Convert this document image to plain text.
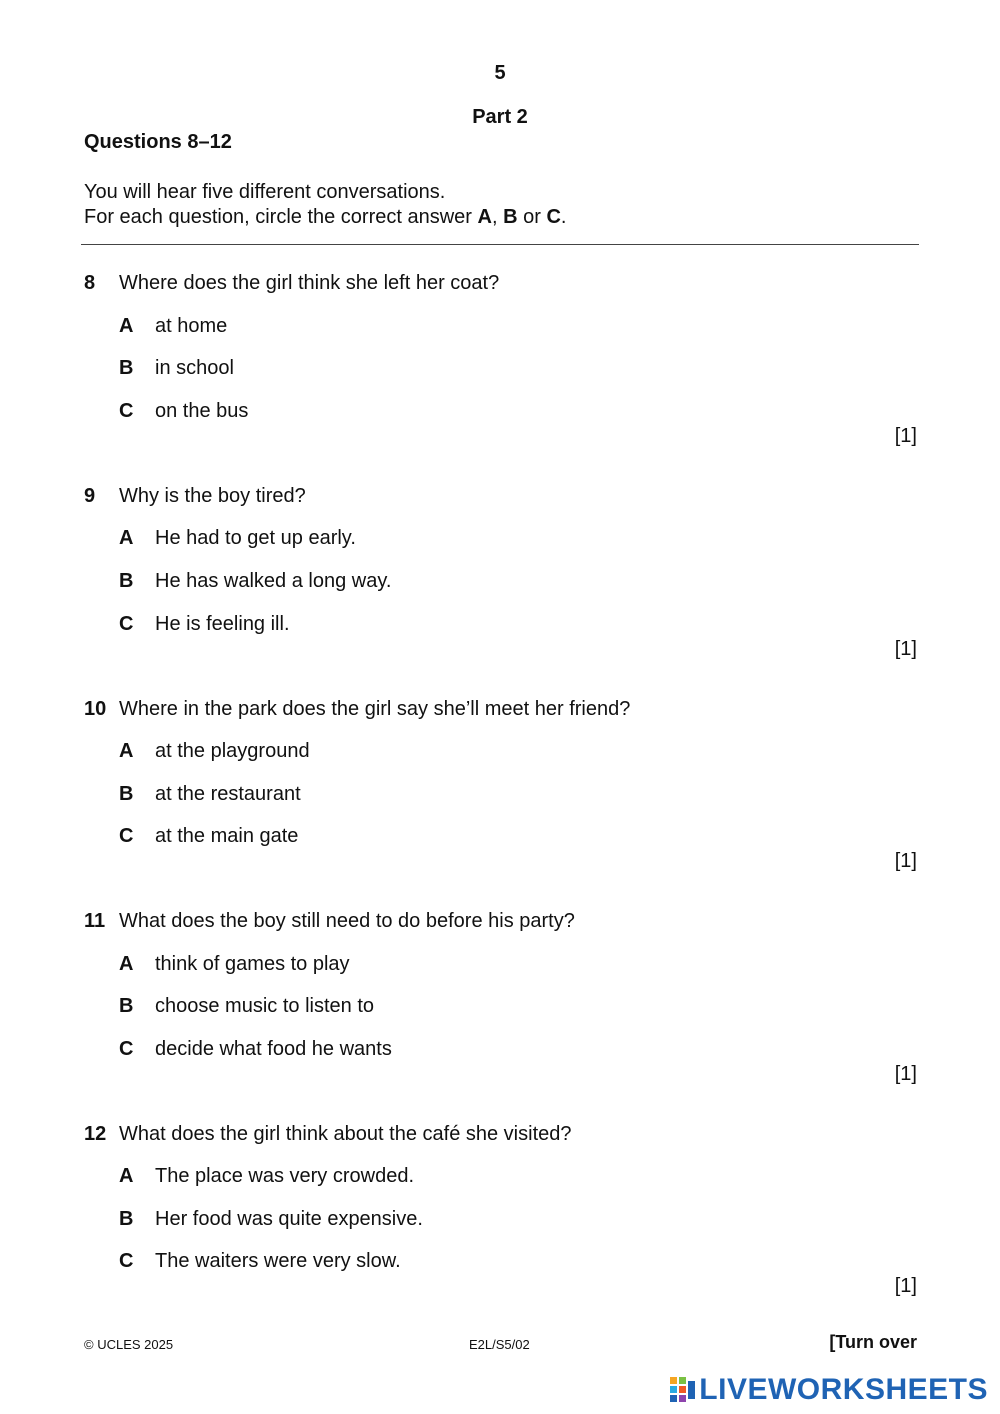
5
Part 2
Questions 8–12
You will hear five different conversations.
For each question, circle the correct answer A, B or C.
8 Where does the girl think she left her coat?
A at home
B in school
C on the bus
[1]
9 Why is the boy tired?
A He had to get up early.
B He has walked a long way.
C He is feeling ill.
[1]
10 Where in the park does the girl say she’ll meet her friend?
A at the playground
B at the restaurant
C at the main gate
[1]
11 What does the boy still need to do before his party?
A think of games to play
B choose music to listen to
C decide what food he wants
[1]
12 What does the girl think about the café she visited?
A The place was very crowded.
B Her food was quite expensive.
C The waiters were very slow.
[1]
© UCLES 2025	E2L/S5/02	[Turn over
LIVEWORKSHEETS
